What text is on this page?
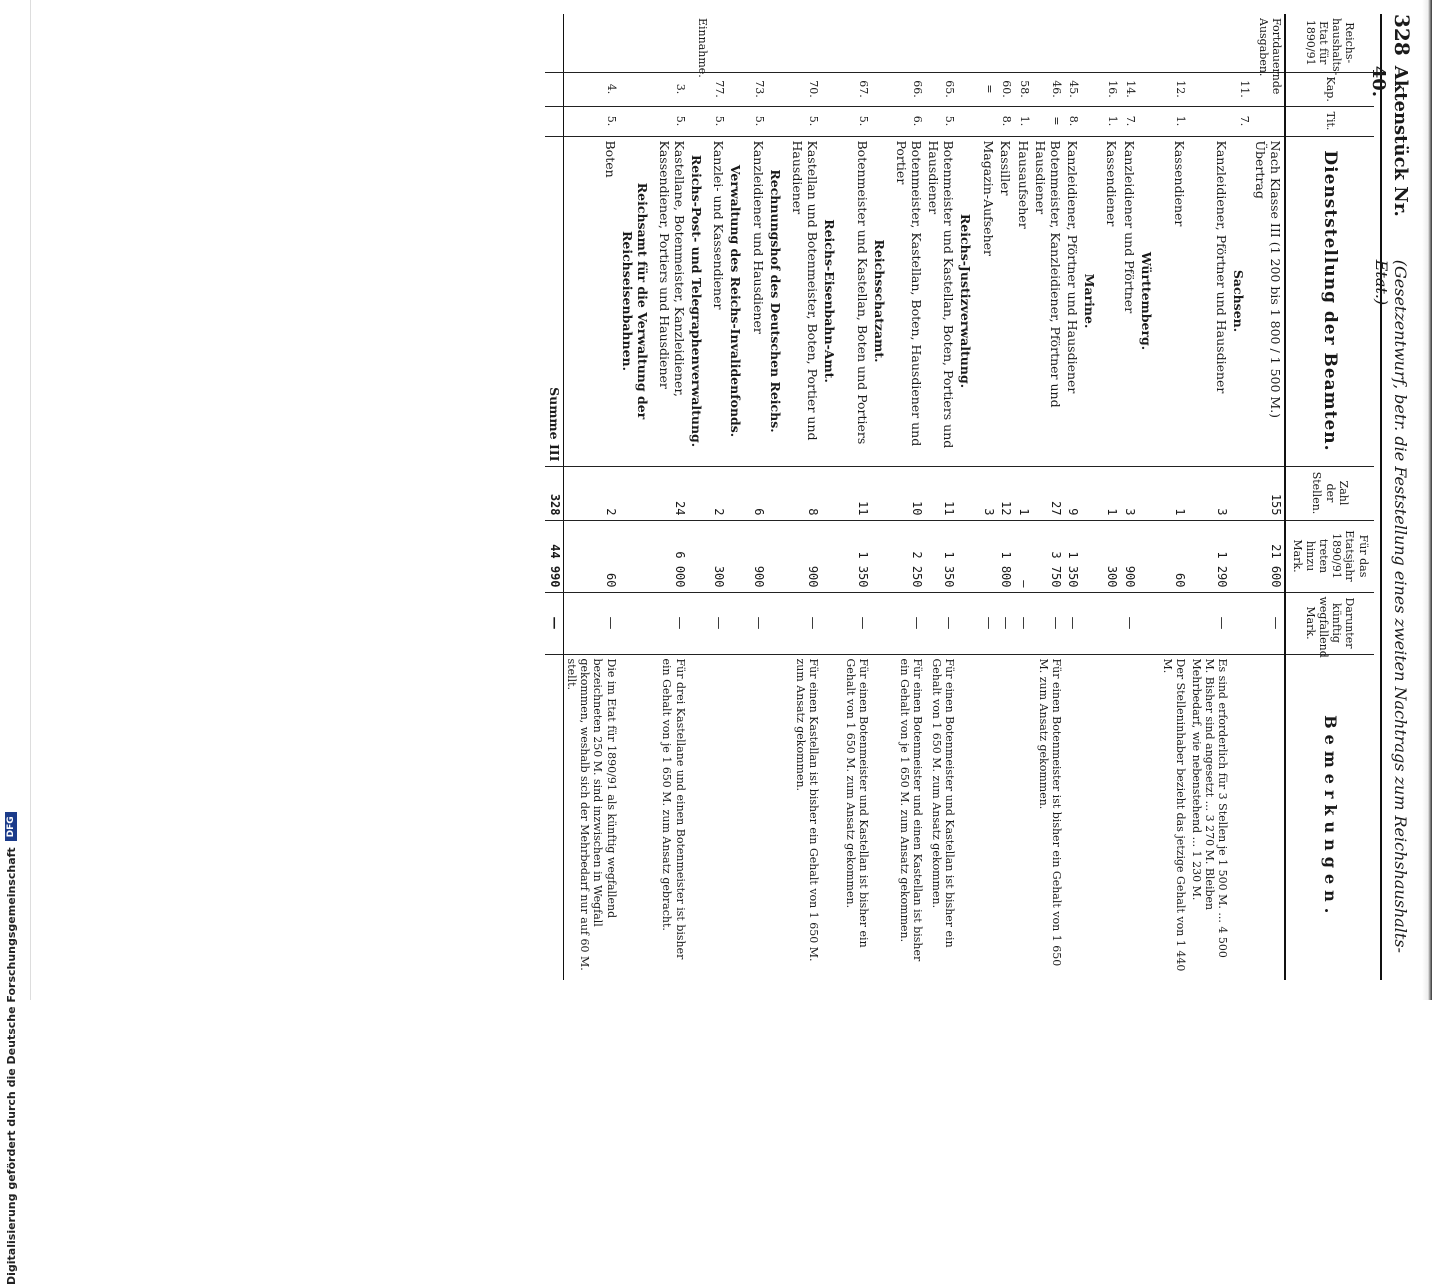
Digitalisierung gefördert durch die Deutsche Forschungsgemeinschaft
DFG
328
Aktenstück Nr. 40.
(Gesetzentwurf, betr. die Feststellung eines zweiten Nachtrags zum Reichshaushalts-Etat.)
Reichs-haushalts-Etat für 1890/91	Kap.	Tit.	Dienststellung der Beamten.	Zahl der Stellen.	Für das Etatsjahr 1890/91 treten hinzu Mark.	Darunter künftig wegfallend Mark.	Bemerkungen.
Fortdauernde Ausgaben.			Nach Klasse III (1 200 bis 1 800 / 1 500 M.) Übertrag	155	21 600	—	
	11.	7.	Sachsen.				
			Kanzleidiener, Pförtner und Hausdiener	3	1 290	—	Es sind erforderlich für 3 Stellen je 1 500 M. ... 4 500 M. Bisher sind angesetzt ... 3 270 M. Bleiben Mehrbedarf, wie nebenstehend ... 1 230 M.
	12.	1.	Kassendiener	1	60		Der Stelleninhaber bezieht das jetzige Gehalt von 1 440 M.
			Württemberg.				
	14.	7.	Kanzleidiener und Pförtner	3	900	—	
	16.	1.	Kassendiener	1	300		
			Marine.				
	45.	8.	Kanzleidiener, Pförtner und Hausdiener	9	1 350	—	
	46.	=	Botenmeister, Kanzleidiener, Pförtner und Hausdiener	27	3 750	—	Für einen Botenmeister ist bisher ein Gehalt von 1 650 M. zum Ansatz gekommen.
	58.	1.	Hausaufseher	1	—	—	
	60.	8.	Kassiller	12	1 800	—	
	=		Magazin-Aufseher	3		—	
			Reichs-Justizverwaltung.				
	65.	5.	Botenmeister und Kastellan, Boten, Portiers und Hausdiener	11	1 350	—	Für einen Botenmeister und Kastellan ist bisher ein Gehalt von 1 650 M. zum Ansatz gekommen.
	66.	6.	Botenmeister, Kastellan, Boten, Hausdiener und Portier	10	2 250	—	Für einen Botenmeister und einen Kastellan ist bisher ein Gehalt von je 1 650 M. zum Ansatz gekommen.
			Reichsschatzamt.				
	67.	5.	Botenmeister und Kastellan, Boten und Portiers	11	1 350	—	Für einen Botenmeister und Kastellan ist bisher ein Gehalt von 1 650 M. zum Ansatz gekommen.
			Reichs-Eisenbahn-Amt.				
	70.	5.	Kastellan und Botenmeister, Boten, Portier und Hausdiener	8	900	—	Für einen Kastellan ist bisher ein Gehalt von 1 650 M. zum Ansatz gekommen.
			Rechnungshof des Deutschen Reichs.				
	73.	5.	Kanzleidiener und Hausdiener	6	900	—	
			Verwaltung des Reichs-Invalidenfonds.				
	77.	5.	Kanzlei- und Kassendiener	2	300	—	
Einnahme.			Reichs-Post- und Telegraphenverwaltung.				
	3.	5.	Kastellane, Botenmeister, Kanzleidiener, Kassendiener, Portiers und Hausdiener	24	6 000	—	Für drei Kastellane und einen Botenmeister ist bisher ein Gehalt von je 1 650 M. zum Ansatz gebracht.
			Reichsamt für die Verwaltung der Reichseisenbahnen.				
	4.	5.	Boten	2	60	—	Die im Etat für 1890/91 als künftig wegfallend bezeichneten 250 M. sind inzwischen in Wegfall gekommen, weshalb sich der Mehrbedarf nur auf 60 M. stellt.
			Summe III	328	44 990	—	
